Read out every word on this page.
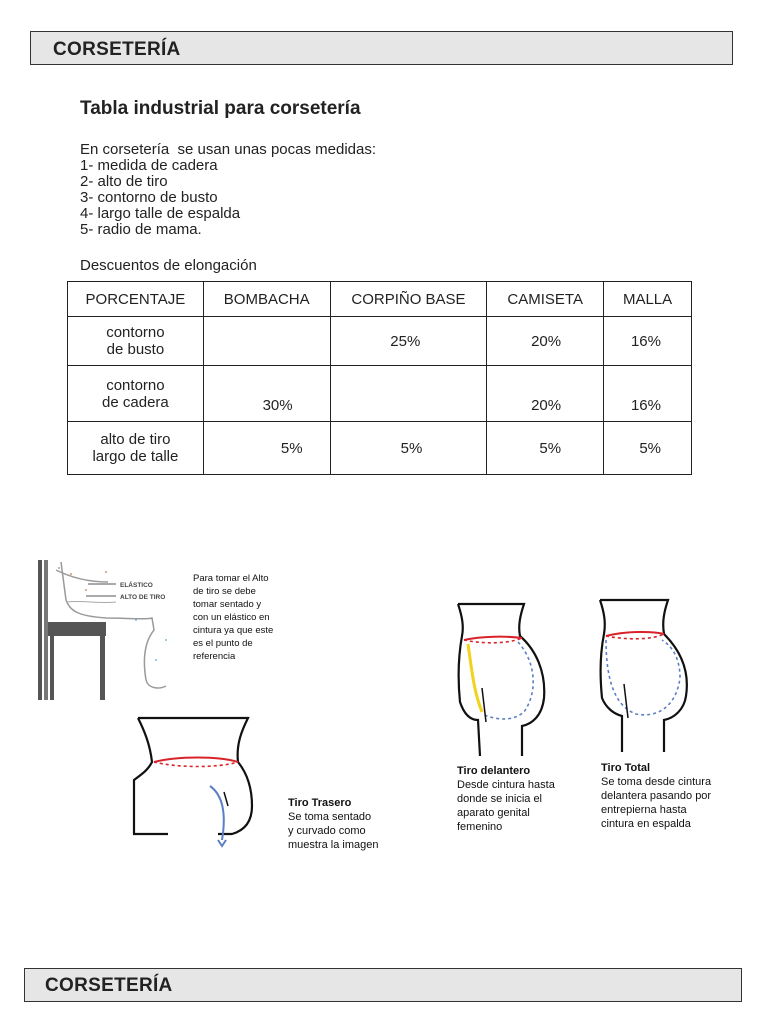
CORSETERÍA
Tabla industrial para corsetería
En corsetería  se usan unas pocas medidas:
1- medida de cadera
2- alto de tiro
3- contorno de busto
4- largo talle de espalda
5- radio de mama.
Descuentos de elongación
PORCENTAJE	BOMBACHA	CORPIÑO BASE	CAMISETA	MALLA

contorno
de busto		25%	20%	16%

contorno
de cadera	30%		20%	16%

alto de tiro
largo de talle	5%	5%	5%	5%
ELÁSTICO
ALTO DE TIRO
Para tomar el Alto
de tiro se debe
tomar sentado y
con un elástico en
cintura ya que este
es el punto de
referencia
Tiro Trasero
Se toma sentado
y curvado como
muestra la imagen
Tiro delantero
Desde cintura hasta
donde se inicia el
aparato genital
femenino
Tiro Total
Se toma desde cintura
delantera pasando por
entrepierna hasta
cintura en espalda
CORSETERÍA
